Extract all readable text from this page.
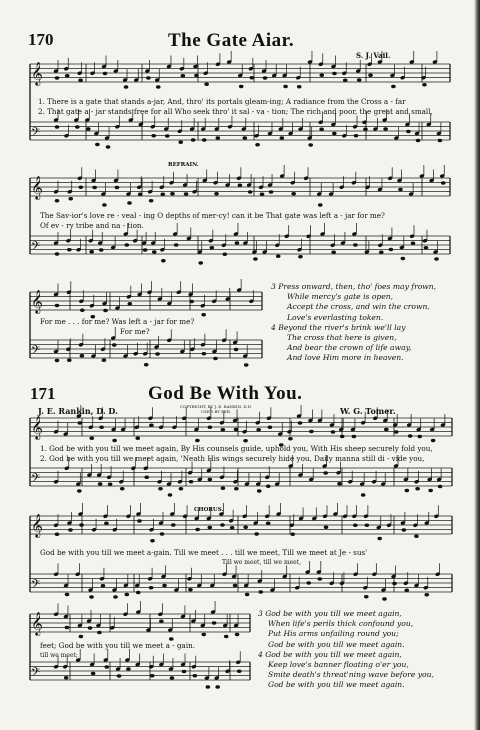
𝄞
𝄢
𝄞
𝄢
𝄞
𝄢
𝄞
𝄢
𝄞
𝄢
𝄞
𝄢
170	The Gate Aiar.
S. J. Vail.
1. There is a gate that stands a-jar, And, thro' its portals gleam-ing; A radiance from the Cross a - far
2. That gate a - jar stands free for all Who seek thro' it sal - va - tion; The rich and poor, the great and small,
REFRAIN.
The Sav-ior's love re - veal - ing O depths of mer-cy! can it be That gate was left a - jar for me?
Of ev - ry tribe and na - tion.
For me . . . for me? Was left a - jar for me?
For me?
3 Press onward, then, tho' foes may frown,
While mercy's gate is open,
Accept the cross, and win the crown,
Love's everlasting token.
4 Beyond the river's brink we'll lay
The cross that here is given,
And bear the crown of life away,
And love Him more in heaven.
171	God Be With You.
J. E. Rankin, D. D.	COPYRIGHT, BY J. E. RANKIN, D.D.
USED BY PER.	W. G. Tomer.
1. God be with you till we meet again, By His counsels guide, uphold you, With His sheep securely fold you,
2. God be with you till we meet again, 'Neath His wings securely hide you, Daily manna still di - vide you,
CHORUS.
God be with you till we meet a-gain. Till we meet . . . till we meet, Till we meet at Je - sus'
Till we meet, till we meet,
feet; God be with you till we meet a - gain.
till we meet;
3 God be with you till we meet again,
When life's perils thick confound you,
Put His arms unfailing round you;
God be with you till we meet again.
4 God be with you till we meet again,
Keep love's banner floating o'er you,
Smite death's threat'ning wave before you,
God be with you till we meet again.
